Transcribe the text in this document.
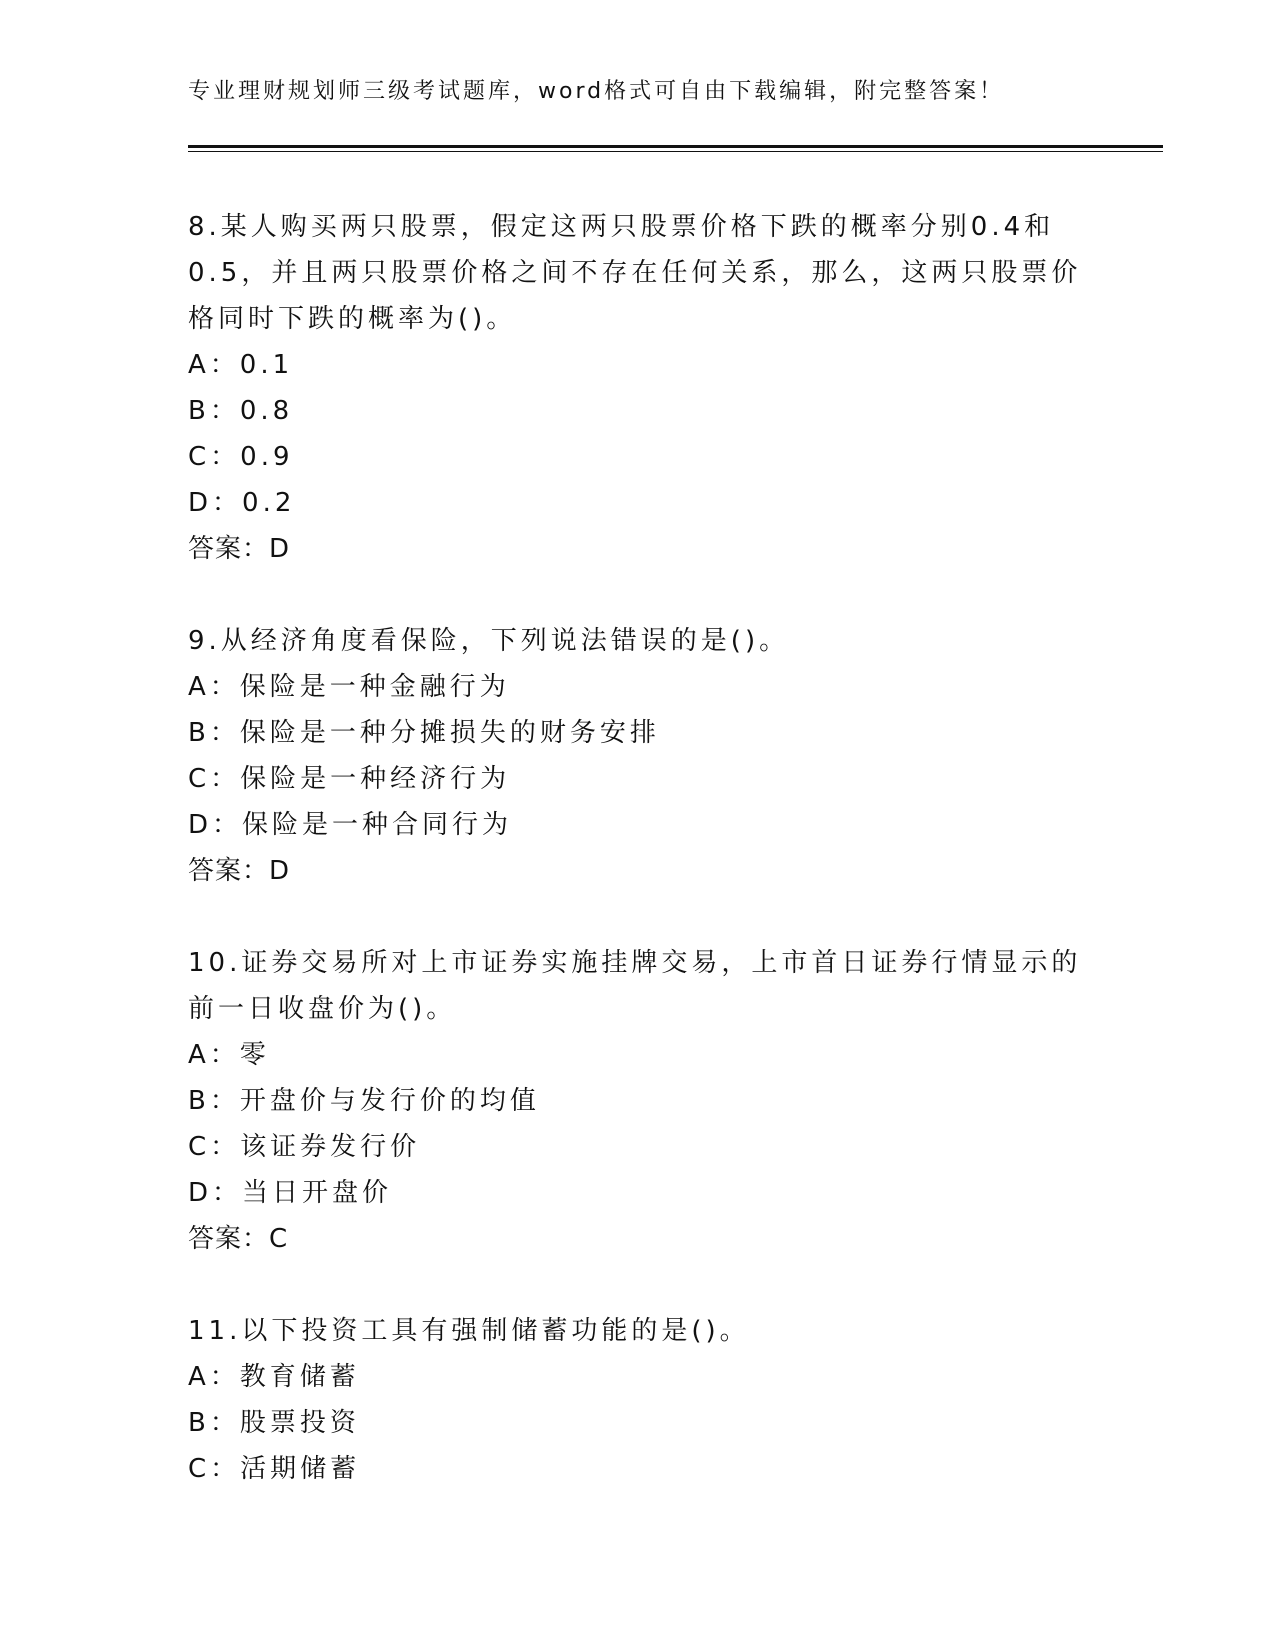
专业理财规划师三级考试题库，word格式可自由下载编辑，附完整答案！

8.某人购买两只股票，假定这两只股票价格下跌的概率分别0.4和0.5，并且两只股票价格之间不存在任何关系，那么，这两只股票价格同时下跌的概率为()。

A：0.1

B：0.8

C：0.9

D：0.2

答案：D

9.从经济角度看保险，下列说法错误的是()。

A：保险是一种金融行为

B：保险是一种分摊损失的财务安排

C：保险是一种经济行为

D：保险是一种合同行为

答案：D

10.证券交易所对上市证券实施挂牌交易，上市首日证券行情显示的前一日收盘价为()。

A：零

B：开盘价与发行价的均值

C：该证券发行价

D：当日开盘价

答案：C

11.以下投资工具有强制储蓄功能的是()。

A：教育储蓄

B：股票投资

C：活期储蓄
